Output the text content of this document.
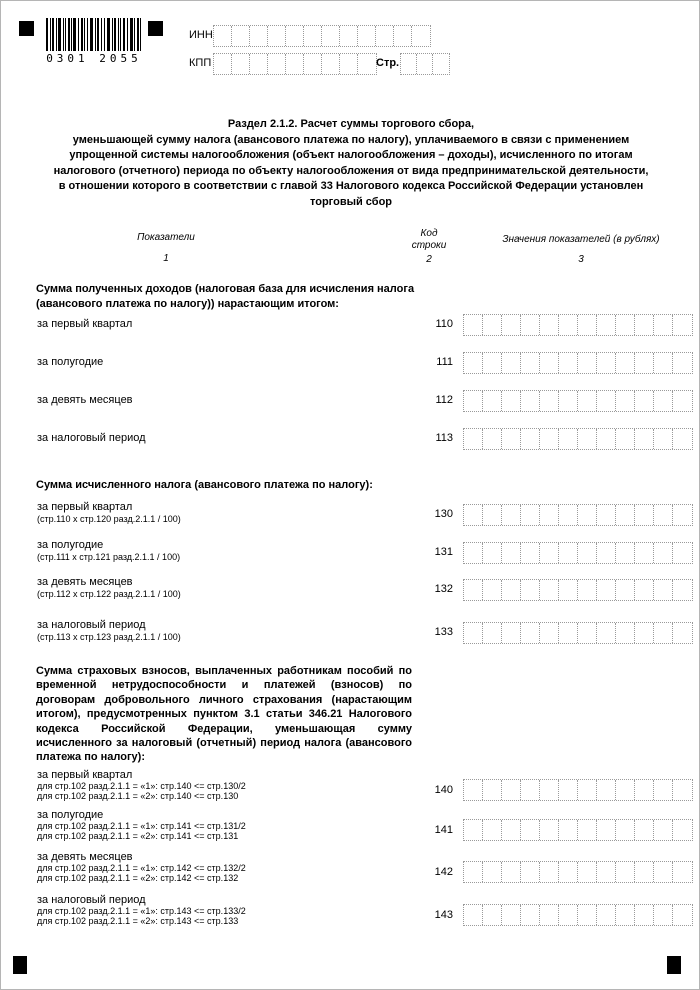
0301 2055
ИНН
КПП	Стр.
Раздел 2.1.2. Расчет суммы торгового сбора,
уменьшающей сумму налога (авансового платежа по налогу), уплачиваемого в связи с применением
упрощенной системы налогообложения (объект налогообложения – доходы), исчисленного по итогам
налогового (отчетного) периода по объекту налогообложения от вида предпринимательской деятельности,
в отношении которого в соответствии с главой 33 Налогового кодекса Российской Федерации установлен
торговый сбор
Показатели
1
Код
строки
2
Значения показателей (в рублях)
3
Сумма полученных доходов (налоговая база для исчисления налога
(авансового платежа по налогу)) нарастающим итогом:
за первый квартал	110
за полугодие	111
за девять месяцев	112
за налоговый период	113
Сумма исчисленного налога (авансового платежа по налогу):
за первый квартал
(стр.110 х стр.120 разд.2.1.1 / 100)	130
за полугодие
(стр.111 х стр.121 разд.2.1.1 / 100)	131
за девять месяцев
(стр.112 х стр.122 разд.2.1.1 / 100)	132
за налоговый период
(стр.113 х стр.123 разд.2.1.1 / 100)	133
Сумма страховых взносов, выплаченных работникам пособий по временной нетрудоспособности и платежей (взносов) по договорам добровольного личного страхования (нарастающим итогом), предусмотренных пунктом 3.1 статьи 346.21 Налогового кодекса Российской Федерации, уменьшающая сумму исчисленного за налоговый (отчетный) период налога (авансового платежа по налогу):
за первый квартал
для стр.102 разд.2.1.1 = «1»: стр.140 <= стр.130/2
для стр.102 разд.2.1.1 = «2»: стр.140 <= стр.130	140
за полугодие
для стр.102 разд.2.1.1 = «1»: стр.141 <= стр.131/2
для стр.102 разд.2.1.1 = «2»: стр.141 <= стр.131	141
за девять месяцев
для стр.102 разд.2.1.1 = «1»: стр.142 <= стр.132/2
для стр.102 разд.2.1.1 = «2»: стр.142 <= стр.132	142
за налоговый период
для стр.102 разд.2.1.1 = «1»: стр.143 <= стр.133/2
для стр.102 разд.2.1.1 = «2»: стр.143 <= стр.133	143
